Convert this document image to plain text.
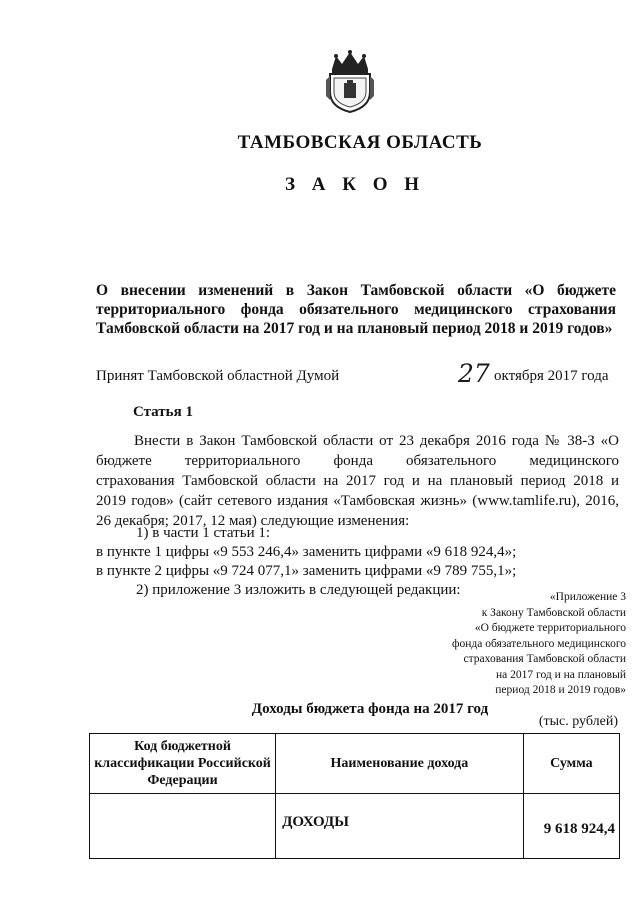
ТАМБОВСКАЯ ОБЛАСТЬ
З А К О Н
О внесении изменений в Закон Тамбовской области «О бюджете
территориального фонда обязательного медицинского страхования
Тамбовской области на 2017 год и на плановый период 2018 и 2019 годов»
Принят Тамбовской областной Думой	27 октября 2017 года
Статья 1
Внести в Закон Тамбовской области от 23 декабря 2016 года № 38-З «О
бюджете территориального фонда обязательного медицинского
страхования Тамбовской области на 2017 год и на плановый период 2018 и
2019 годов» (сайт сетевого издания «Тамбовская жизнь» (www.tamlife.ru), 2016,
26 декабря; 2017, 12 мая) следующие изменения:
1) в части 1 статьи 1:
в пункте 1 цифры «9 553 246,4» заменить цифрами «9 618 924,4»;
в пункте 2 цифры «9 724 077,1» заменить цифрами «9 789 755,1»;
2) приложение 3 изложить в следующей редакции:	«Приложение 3
к Закону Тамбовской области
«О бюджете территориального
фонда обязательного медицинского
страхования Тамбовской области
на 2017 год и на плановый
период 2018 и 2019 годов»
Доходы бюджета фонда на 2017 год
(тыс. рублей)
Код бюджетной классификации Российской Федерации	Наименование дохода	Сумма
	ДОХОДЫ	9 618 924,4
